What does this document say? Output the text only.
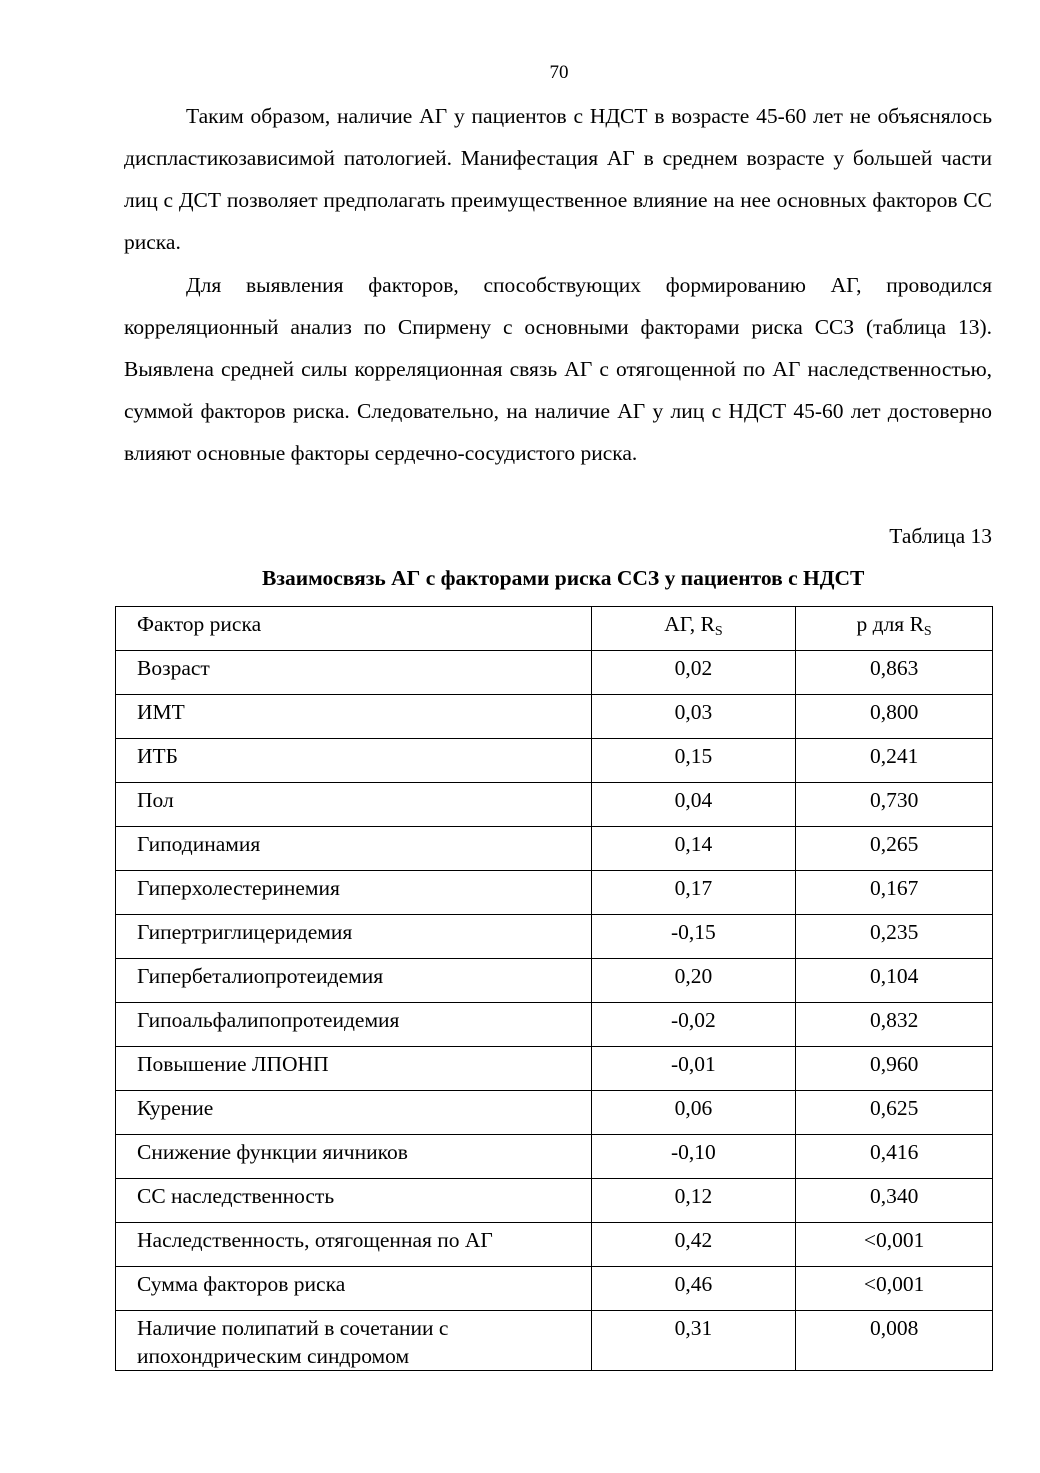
70

Таким образом, наличие АГ у пациентов с НДСТ в возрасте 45-60 лет не объяснялось диспластикозависимой патологией. Манифестация АГ в среднем возрасте у большей части лиц с ДСТ позволяет предполагать преимущественное влияние на нее основных факторов СС риска.

Для выявления факторов, способствующих формированию АГ, проводился корреляционный анализ по Спирмену с основными факторами риска ССЗ (таблица 13). Выявлена средней силы корреляционная связь АГ с отягощенной по АГ наследственностью, суммой факторов риска. Следовательно, на наличие АГ у лиц с НДСТ 45-60 лет достоверно влияют основные факторы сердечно-сосудистого риска.

Таблица 13
Взаимосвязь АГ с факторами риска ССЗ у пациентов с НДСТ
Фактор риска	АГ, $R_S$	р для $R_S$
Возраст	0,02	0,863
ИМТ	0,03	0,800
ИТБ	0,15	0,241
Пол	0,04	0,730
Гиподинамия	0,14	0,265
Гиперхолестеринемия	0,17	0,167
Гипертриглицеридемия	-0,15	0,235
Гипербеталиопротеидемия	0,20	0,104
Гипоальфалипопротеидемия	-0,02	0,832
Повышение ЛПОНП	-0,01	0,960
Курение	0,06	0,625
Снижение функции яичников	-0,10	0,416
СС наследственность	0,12	0,340
Наследственность, отягощенная по АГ	0,42	<0,001
Сумма факторов риска	0,46	<0,001
Наличие полипатий в сочетании с ипохондрическим синдромом	0,31	0,008
